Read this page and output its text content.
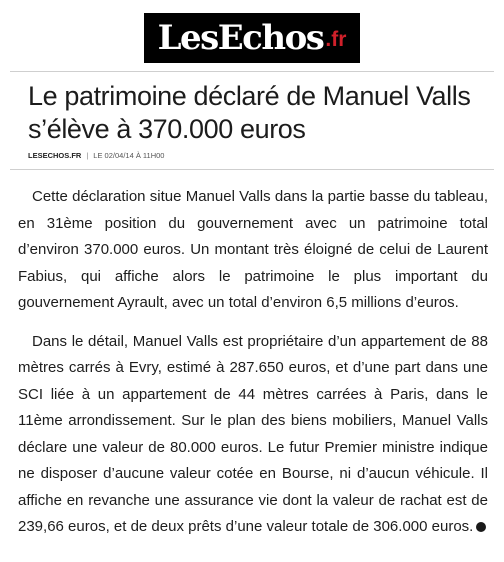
LesEchos .fr
Le patrimoine déclaré de Manuel Valls s’élève à 370.000 euros
LESECHOS.FR | LE 02/04/14 À 11H00

Cette déclaration situe Manuel Valls dans la partie basse du tableau, en 31ème position du gouvernement avec un patrimoine total d’environ 370.000 euros. Un montant très éloigné de celui de Laurent Fabius, qui affiche alors le patrimoine le plus important du gouvernement Ayrault, avec un total d’environ 6,5 millions d’euros.

Dans le détail, Manuel Valls est propriétaire d’un appartement de 88 mètres carrés à Evry, estimé à 287.650 euros, et d’une part dans une SCI liée à un appartement de 44 mètres carrées à Paris, dans le 11ème arrondissement. Sur le plan des biens mobiliers, Manuel Valls déclare une valeur de 80.000 euros. Le futur Premier ministre indique ne disposer d’aucune valeur cotée en Bourse, ni d’aucun véhicule. Il affiche en revanche une assurance vie dont la valeur de rachat est de 239,66 euros, et de deux prêts d’une valeur totale de 306.000 euros.
